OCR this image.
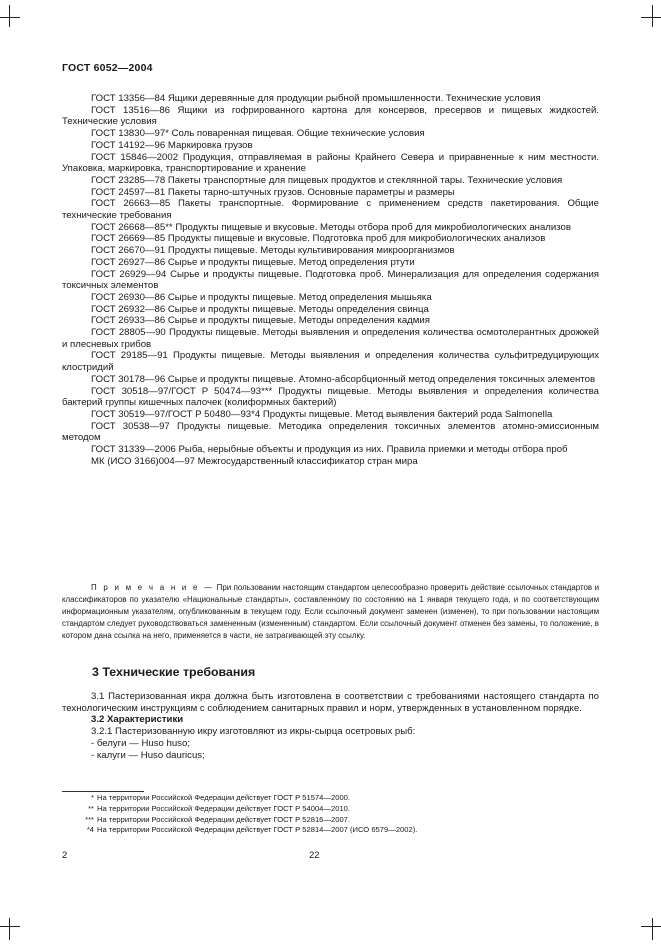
ГОСТ 6052—2004

ГОСТ 13356—84 Ящики деревянные для продукции рыбной промышленности. Технические условия

ГОСТ 13516—86 Ящики из гофрированного картона для консервов, пресервов и пищевых жидкостей. Технические условия

ГОСТ 13830—97* Соль поваренная пищевая. Общие технические условия

ГОСТ 14192—96 Маркировка грузов

ГОСТ 15846—2002 Продукция, отправляемая в районы Крайнего Севера и приравненные к ним местности. Упаковка, маркировка, транспортирование и хранение

ГОСТ 23285—78 Пакеты транспортные для пищевых продуктов и стеклянной тары. Технические условия

ГОСТ 24597—81 Пакеты тарно-штучных грузов. Основные параметры и размеры

ГОСТ 26663—85 Пакеты транспортные. Формирование с применением средств пакетирования. Общие технические требования

ГОСТ 26668—85** Продукты пищевые и вкусовые. Методы отбора проб для микробиологических анализов

ГОСТ 26669—85 Продукты пищевые и вкусовые. Подготовка проб для микробиологических анализов

ГОСТ 26670—91 Продукты пищевые. Методы культивирования микроорганизмов

ГОСТ 26927—86 Сырье и продукты пищевые. Метод определения ртути

ГОСТ 26929—94 Сырье и продукты пищевые. Подготовка проб. Минерализация для определения содержания токсичных элементов

ГОСТ 26930—86 Сырье и продукты пищевые. Метод определения мышьяка

ГОСТ 26932—86 Сырье и продукты пищевые. Методы определения свинца

ГОСТ 26933—86 Сырье и продукты пищевые. Методы определения кадмия

ГОСТ 28805—90 Продукты пищевые. Методы выявления и определения количества осмотолерантных дрожжей и плесневых грибов

ГОСТ 29185—91 Продукты пищевые. Методы выявления и определения количества сульфитредуцирующих клостридий

ГОСТ 30178—96 Сырье и продукты пищевые. Атомно-абсорбционный метод определения токсичных элементов

ГОСТ 30518—97/ГОСТ Р 50474—93*** Продукты пищевые. Методы выявления и определения количества бактерий группы кишечных палочек (колиформных бактерий)

ГОСТ 30519—97/ГОСТ Р 50480—93*4 Продукты пищевые. Метод выявления бактерий рода Salmonella

ГОСТ 30538—97 Продукты пищевые. Методика определения токсичных элементов атомно-эмиссионным методом

ГОСТ 31339—2006 Рыба, нерыбные объекты и продукция из них. Правила приемки и методы отбора проб

МК (ИСО 3166)004—97 Межгосударственный классификатор стран мира

П р и м е ч а н и е — При пользовании настоящим стандартом целесообразно проверить действие ссылочных стандартов и классификаторов по указателю «Национальные стандарты», составленному по состоянию на 1 января текущего года, и по соответствующим информационным указателям, опубликованным в текущем году. Если ссылочный документ заменен (изменен), то при пользовании настоящим стандартом следует руководствоваться замененным (измененным) стандартом. Если ссылочный документ отменен без замены, то положение, в котором дана ссылка на него, применяется в части, не затрагивающей эту ссылку.
3 Технические требования

3.1 Пастеризованная икра должна быть изготовлена в соответствии с требованиями настоящего стандарта по технологическим инструкциям с соблюдением санитарных правил и норм, утвержденных в установленном порядке.

3.2 Характеристики

3.2.1 Пастеризованную икру изготовляют из икры-сырца осетровых рыб:

- белуги — Huso huso;

- калуги — Huso dauricus;

* На территории Российской Федерации действует ГОСТ Р 51574—2000.

** На территории Российской Федерации действует ГОСТ Р 54004—2010.

*** На территории Российской Федерации действует ГОСТ Р 52816—2007.

*4 На территории Российской Федерации действует ГОСТ Р 52814—2007 (ИСО 6579—2002).

2	22
